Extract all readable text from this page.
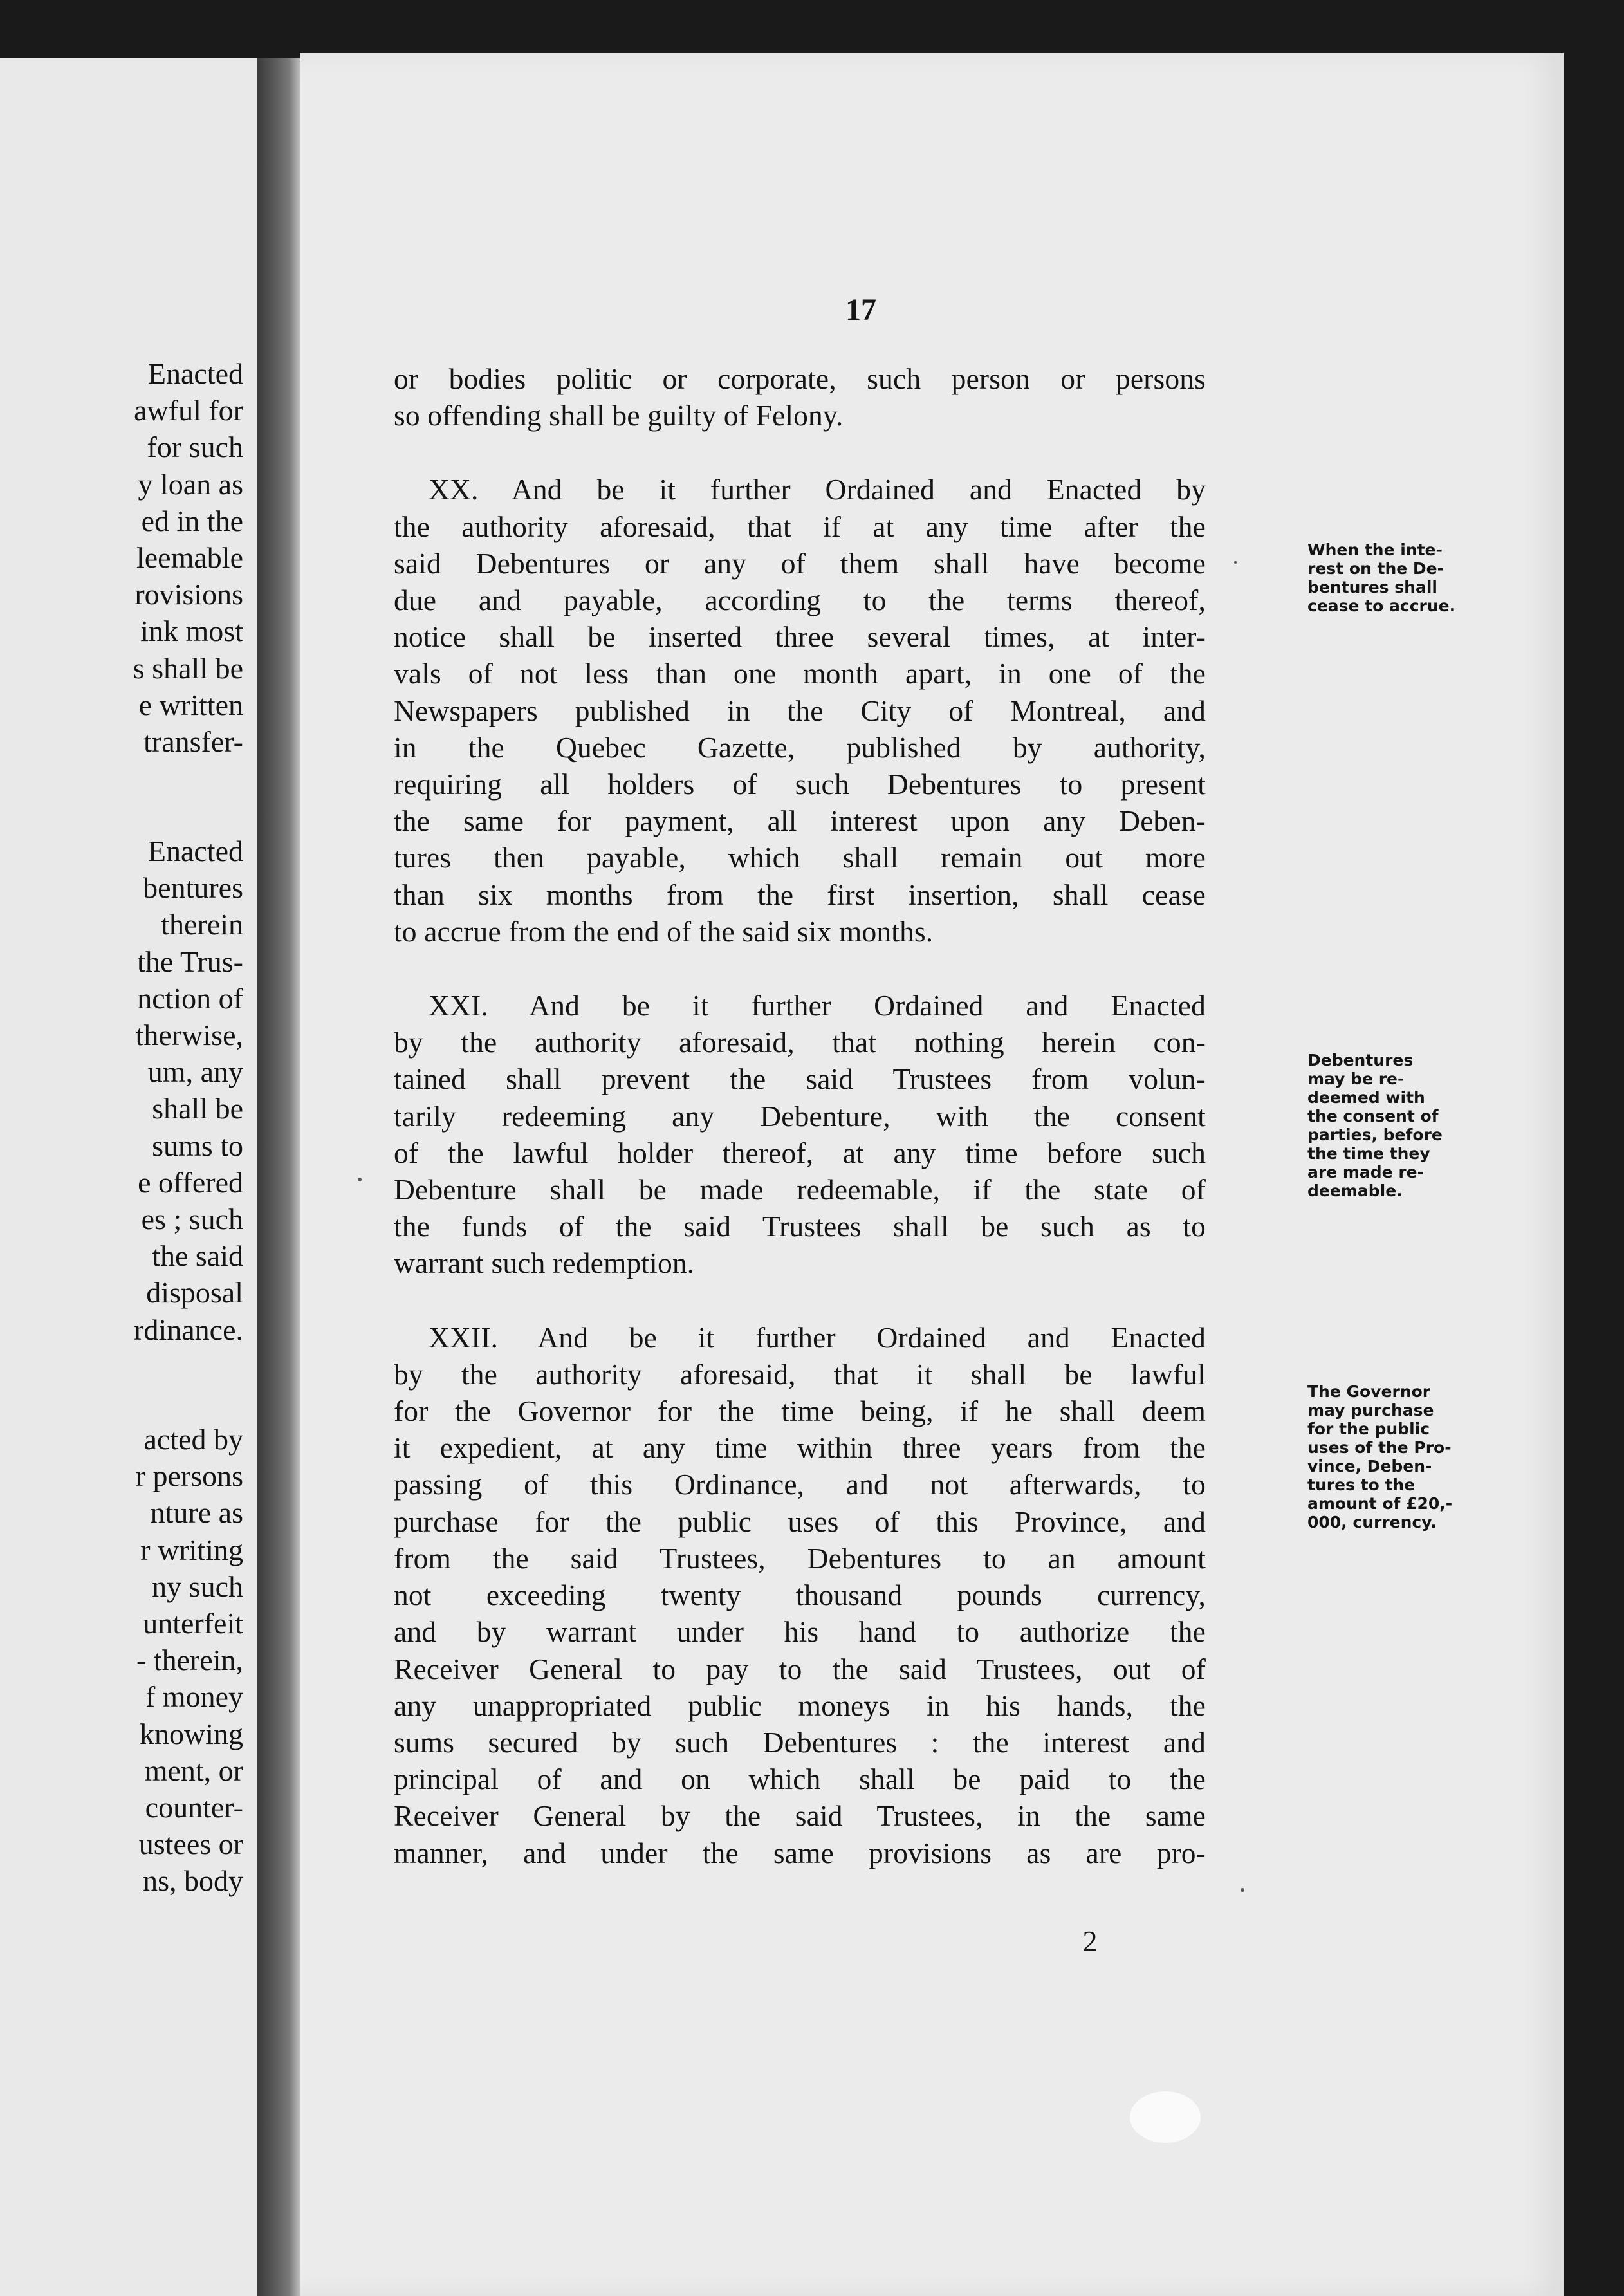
Enacted
awful for
for such
y loan as
ed in the
leemable
rovisions
ink most
s shall be
e written
transfer-
Enacted
bentures
therein
the Trus-
nction of
therwise,
um, any
shall be
sums to
e offered
es ; such
the said
disposal
rdinance.
acted by
r persons
nture as
r writing
ny such
unterfeit
- therein,
f money
knowing
ment, or
counter-
ustees or
ns, body
17
or bodies politic or corporate, such person or persons
so offending shall be guilty of Felony.
XX. And be it further Ordained and Enacted by
the authority aforesaid, that if at any time after the
said Debentures or any of them shall have become
due and payable, according to the terms thereof,
notice shall be inserted three several times, at inter-
vals of not less than one month apart, in one of the
Newspapers published in the City of Montreal, and
in the Quebec Gazette, published by authority,
requiring all holders of such Debentures to present
the same for payment, all interest upon any Deben-
tures then payable, which shall remain out more
than six months from the first insertion, shall cease
to accrue from the end of the said six months.
XXI. And be it further Ordained and Enacted
by the authority aforesaid, that nothing herein con-
tained shall prevent the said Trustees from volun-
tarily redeeming any Debenture, with the consent
of the lawful holder thereof, at any time before such
Debenture shall be made redeemable, if the state of
the funds of the said Trustees shall be such as to
warrant such redemption.
XXII. And be it further Ordained and Enacted
by the authority aforesaid, that it shall be lawful
for the Governor for the time being, if he shall deem
it expedient, at any time within three years from the
passing of this Ordinance, and not afterwards, to
purchase for the public uses of this Province, and
from the said Trustees, Debentures to an amount
not exceeding twenty thousand pounds currency,
and by warrant under his hand to authorize the
Receiver General to pay to the said Trustees, out of
any unappropriated public moneys in his hands, the
sums secured by such Debentures : the interest and
principal of and on which shall be paid to the
Receiver General by the said Trustees, in the same
manner, and under the same provisions as are pro-
When the inte-
rest on the De-
bentures shall
cease to accrue.
Debentures
may be re-
deemed with
the consent of
parties, before
the time they
are made re-
deemable.
The Governor
may purchase
for the public
uses of the Pro-
vince, Deben-
tures to the
amount of £20,-
000, currency.
2
